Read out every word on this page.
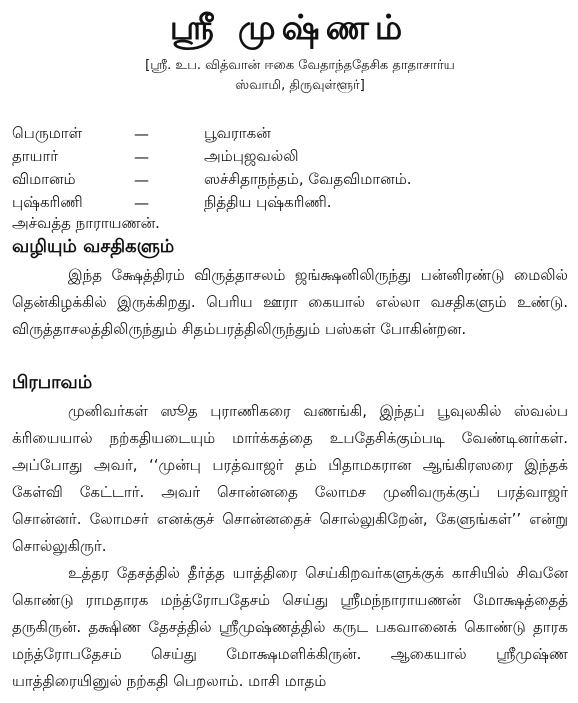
ஸ்ரீ முஷ்ணம்
[ஸ்ரீ. உப. வித்வான் ஈகை வேதாந்ததேசிக தாதாசார்ய
ஸ்வாமி, திருவுள்ளூர்]
பெருமாள்	—	பூவராகன்
தாயார்	—	அம்புஜவல்லி
விமானம்	—	ஸச்சிதாநந்தம், வேதவிமானம்.
புஷ்கரிணி	—	நித்திய புஷ்கரிணி.
அச்வத்த நாராயணன்.
வழியும் வசதிகளும்
இந்த க்ஷேத்திரம் விருத்தாசலம் ஜங்க்ஷனிலிருந்து பன்னிரண்டு மைலில் தென்கிழக்கில் இருக்கிறது. பெரிய ஊரா கையால் எல்லா வசதிகளும் உண்டு. விருத்தாசலத்திலிருந்தும் சிதம்பரத்திலிருந்தும் பஸ்கள் போகின்றன.
பிரபாவம்
முனிவர்கள் ஸூத புராணிகரை வணங்கி, இந்தப் பூவுலகில் ஸ்வல்ப க்ரியையால் நற்கதியடையும் மார்க்கத்தை உபதேசிக்கும்படி வேண்டினர்கள். அப்போது அவர், ‘‘முன்பு பரத்வாஜர் தம் பிதாமகரான ஆங்கிரஸரை இந்தக் கேள்வி கேட்டார். அவர் சொன்னதை லோமச முனிவருக்குப் பரத்வாஜர் சொன்னர். லோமசர் எனக்குச் சொன்னதைச் சொல்லுகிறேன், கேளுங்கள்’’ என்று சொல்லுகிருர்.
உத்தர தேசத்தில் தீர்த்த யாத்திரை செய்கிறவர்களுக்குக் காசியில் சிவனே கொண்டு ராமதாரக மந்த்ரோபதேசம் செய்து ஸ்ரீமந்நாராயணன் மோக்ஷத்தைத் தருகிருன். தக்ஷிண தேசத்தில் ஸ்ரீமுஷ்ணத்தில் கருட பகவானைக் கொண்டு தாரக மந்த்ரோபதேசம் செய்து மோக்ஷமளிக்கிருன். ஆகையால் ஸ்ரீமுஷ்ண யாத்திரையினுல் நற்கதி பெறலாம். மாசி மாதம்
